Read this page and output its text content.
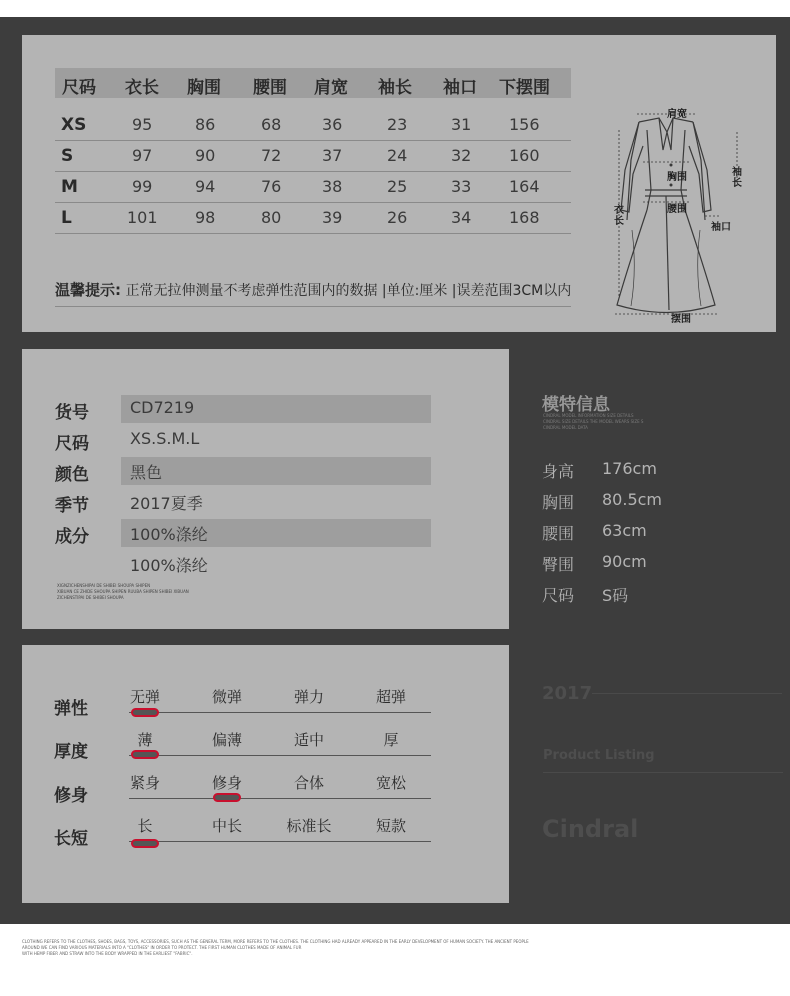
尺码 衣长 胸围 腰围 肩宽 袖长 袖口 下摆围
XS	95	86	68	36	23	31 156
S	97	90	72	37	24	32 160
M	99	94	76	38	25	33 164
L	101 98	80	39	26	34 168
温馨提示: 正常无拉伸测量不考虑弹性范围内的数据 |单位:厘米 |误差范围3CM以内
肩宽
袖长
胸围
腰围
衣长
袖口
摆围
货号	CD7219
尺码	XS.S.M.L
颜色	黑色
季节	2017夏季
成分	100%涤纶
100%涤纶
XIGNZICHENSHIPAI DE SHIBEI SHOUPA SHIPEN
XIBUAN CE ZHIDE SHOUPA SHIPEN RUUBA SHIPEN SHIBEI XIBUAN
ZICHENSTIPAI DE SHIBEI SHOUPA
模特信息
CINDRAL MODEL INFORMATION SIZE DETAILS
CINDRAL SIZE DETAILS THE MODEL WEARS SIZE S
CINDRAL MODEL DATA
身高 176cm
胸围 80.5cm
腰围 63cm
臀围 90cm
尺码 S码
2017
Product Listing
Cindral
弹性
无弹	微弹	弹力	超弹
厚度
薄	偏薄	适中	厚
修身
紧身	修身	合体	宽松
长短
长	中长	标准长	短款
CLOTHING REFERS TO THE CLOTHES, SHOES, BAGS, TOYS, ACCESSORIES, SUCH AS THE GENERAL TERM, MORE REFERS TO THE CLOTHES. THE CLOTHING HAD ALREADY APPEARED IN THE EARLY DEVELOPMENT OF HUMAN SOCIETY. THE ANCIENT PEOPLE
AROUND WE CAN FIND VARIOUS MATERIALS INTO A "CLOTHES" IN ORDER TO PROTECT. THE FIRST HUMAN CLOTHES MADE OF ANIMAL FUR
WITH HEMP FIBER AND STRAW INTO THE BODY WRAPPED IN THE EARLIEST "FABRIC".
